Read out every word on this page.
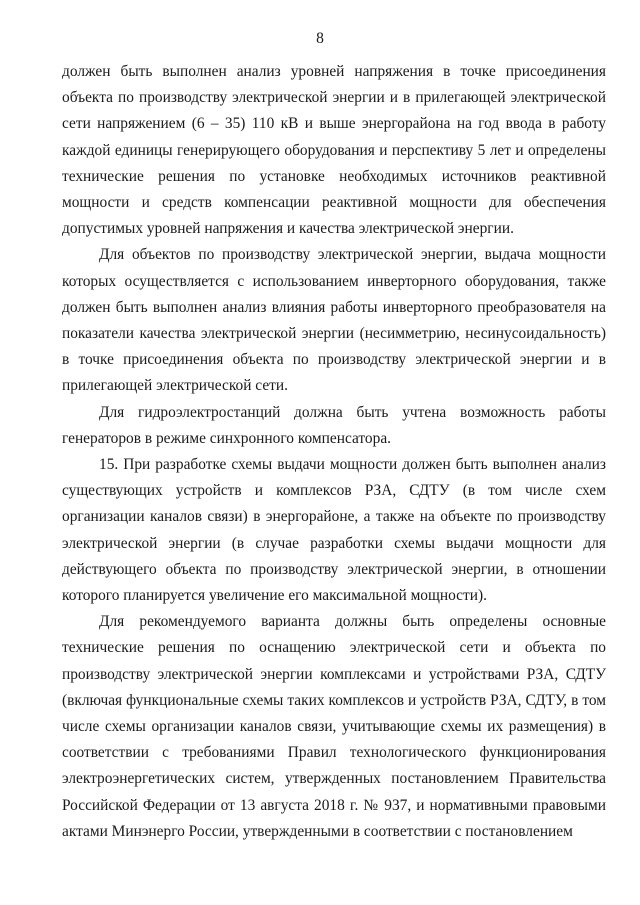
8

должен быть выполнен анализ уровней напряжения в точке присоединения объекта по производству электрической энергии и в прилегающей электрической сети напряжением (6 – 35) 110 кВ и выше энергорайона на год ввода в работу каждой единицы генерирующего оборудования и перспективу 5 лет и определены технические решения по установке необходимых источников реактивной мощности и средств компенсации реактивной мощности для обеспечения допустимых уровней напряжения и качества электрической энергии.

Для объектов по производству электрической энергии, выдача мощности которых осуществляется с использованием инверторного оборудования, также должен быть выполнен анализ влияния работы инверторного преобразователя на показатели качества электрической энергии (несимметрию, несинусоидальность) в точке присоединения объекта по производству электрической энергии и в прилегающей электрической сети.

Для гидроэлектростанций должна быть учтена возможность работы генераторов в режиме синхронного компенсатора.

15. При разработке схемы выдачи мощности должен быть выполнен анализ существующих устройств и комплексов РЗА, СДТУ (в том числе схем организации каналов связи) в энергорайоне, а также на объекте по производству электрической энергии (в случае разработки схемы выдачи мощности для действующего объекта по производству электрической энергии, в отношении которого планируется увеличение его максимальной мощности).

Для рекомендуемого варианта должны быть определены основные технические решения по оснащению электрической сети и объекта по производству электрической энергии комплексами и устройствами РЗА, СДТУ (включая функциональные схемы таких комплексов и устройств РЗА, СДТУ, в том числе схемы организации каналов связи, учитывающие схемы их размещения) в соответствии с требованиями Правил технологического функционирования электроэнергетических систем, утвержденных постановлением Правительства Российской Федерации от 13 августа 2018 г. № 937, и нормативными правовыми актами Минэнерго России, утвержденными в соответствии с постановлением
